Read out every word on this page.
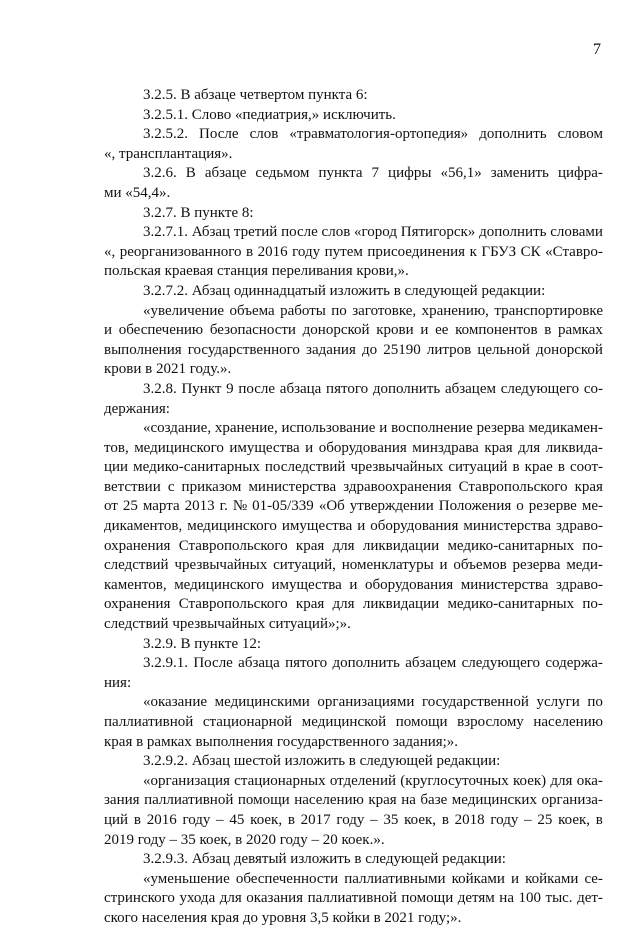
7
3.2.5. В абзаце четвертом пункта 6:
3.2.5.1. Слово «педиатрия,» исключить.
3.2.5.2. После слов «травматология-ортопедия» дополнить словом
«, трансплантация».
3.2.6. В абзаце седьмом пункта 7 цифры «56,1» заменить цифра-
ми «54,4».
3.2.7. В пункте 8:
3.2.7.1. Абзац третий после слов «город Пятигорск» дополнить словами
«, реорганизованного в 2016 году путем присоединения к ГБУЗ СК «Ставро-
польская краевая станция переливания крови,».
3.2.7.2. Абзац одиннадцатый изложить в следующей редакции:
«увеличение объема работы по заготовке, хранению, транспортировке
и обеспечению безопасности донорской крови и ее компонентов в рамках
выполнения государственного задания до 25190 литров цельной донорской
крови в 2021 году.».
3.2.8. Пункт 9 после абзаца пятого дополнить абзацем следующего со-
держания:
«создание, хранение, использование и восполнение резерва медикамен-
тов, медицинского имущества и оборудования минздрава края для ликвида-
ции медико-санитарных последствий чрезвычайных ситуаций в крае в соот-
ветствии с приказом министерства здравоохранения Ставропольского края
от 25 марта 2013 г. № 01-05/339 «Об утверждении Положения о резерве ме-
дикаментов, медицинского имущества и оборудования министерства здраво-
охранения Ставропольского края для ликвидации медико-санитарных по-
следствий чрезвычайных ситуаций, номенклатуры и объемов резерва меди-
каментов, медицинского имущества и оборудования министерства здраво-
охранения Ставропольского края для ликвидации медико-санитарных по-
следствий чрезвычайных ситуаций»;».
3.2.9. В пункте 12:
3.2.9.1. После абзаца пятого дополнить абзацем следующего содержа-
ния:
«оказание медицинскими организациями государственной услуги по
паллиативной стационарной медицинской помощи взрослому населению
края в рамках выполнения государственного задания;».
3.2.9.2. Абзац шестой изложить в следующей редакции:
«организация стационарных отделений (круглосуточных коек) для ока-
зания паллиативной помощи населению края на базе медицинских организа-
ций в 2016 году – 45 коек, в 2017 году – 35 коек, в 2018 году – 25 коек, в
2019 году – 35 коек, в 2020 году – 20 коек.».
3.2.9.3. Абзац девятый изложить в следующей редакции:
«уменьшение обеспеченности паллиативными койками и койками се-
стринского ухода для оказания паллиативной помощи детям на 100 тыс. дет-
ского населения края до уровня 3,5 койки в 2021 году;».
